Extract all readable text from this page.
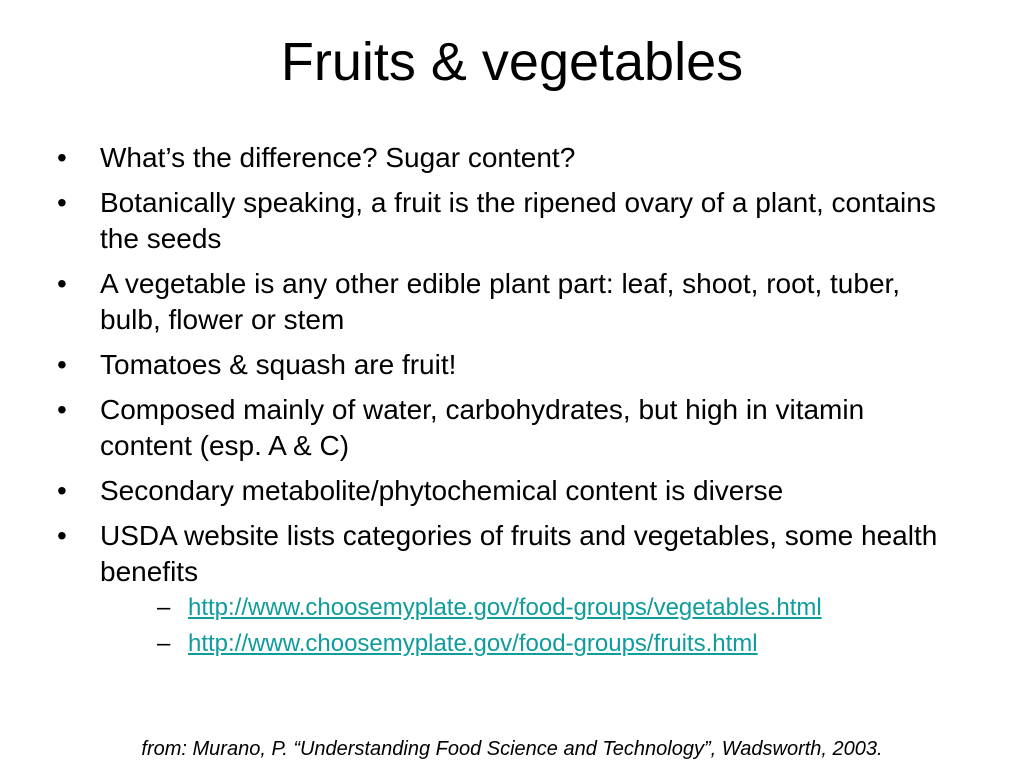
Fruits & vegetables
•	What’s the difference? Sugar content?
•	Botanically speaking, a fruit is the ripened ovary of a plant, contains the seeds
•	A vegetable is any other edible plant part: leaf, shoot, root, tuber, bulb, flower or stem
•	Tomatoes & squash are fruit!
•	Composed mainly of water, carbohydrates, but high in vitamin content (esp. A & C)
•	Secondary metabolite/phytochemical content is diverse
•	USDA website lists categories of fruits and vegetables, some health benefits
– http://www.choosemyplate.gov/food-groups/vegetables.html
– http://www.choosemyplate.gov/food-groups/fruits.html

from: Murano, P. “Understanding Food Science and Technology”, Wadsworth, 2003.
